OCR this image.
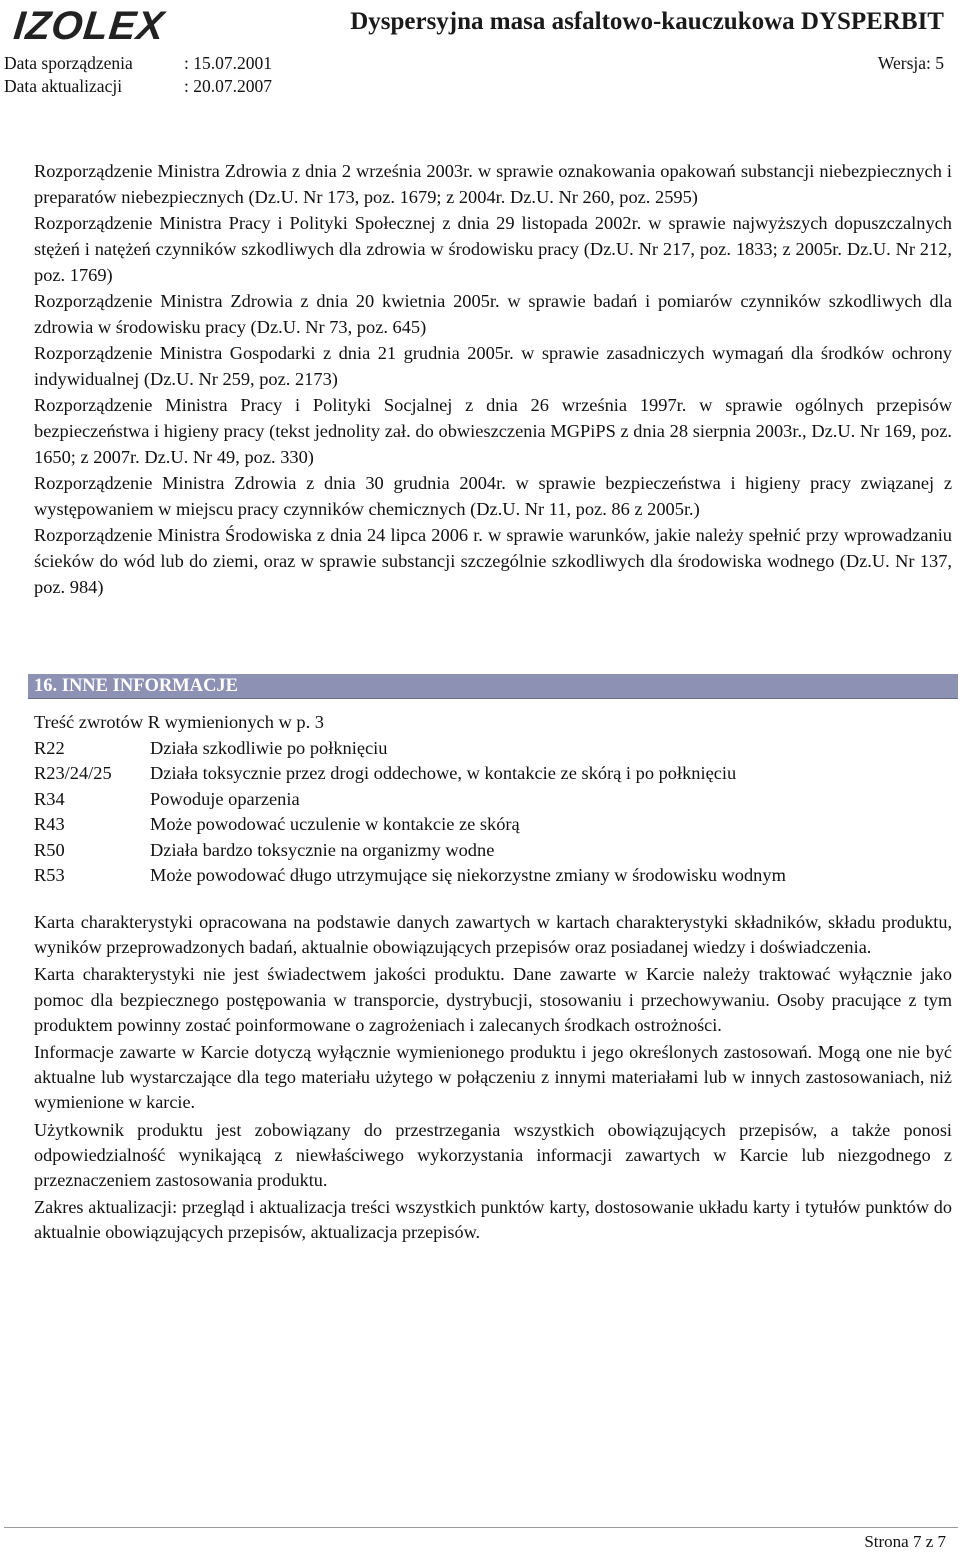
IZOLEX	Dyspersyjna masa asfaltowo-kauczukowa DYSPERBIT
Data sporządzenia	: 15.07.2001	Wersja: 5
Data aktualizacji	: 20.07.2007

Rozporządzenie Ministra Zdrowia z dnia 2 września 2003r. w sprawie oznakowania opakowań substancji niebezpiecznych i preparatów niebezpiecznych (Dz.U. Nr 173, poz. 1679; z 2004r. Dz.U. Nr 260, poz. 2595)

Rozporządzenie Ministra Pracy i Polityki Społecznej z dnia 29 listopada 2002r. w sprawie najwyższych dopuszczalnych stężeń i natężeń czynników szkodliwych dla zdrowia w środowisku pracy (Dz.U. Nr 217, poz. 1833; z 2005r. Dz.U. Nr 212, poz. 1769)

Rozporządzenie Ministra Zdrowia z dnia 20 kwietnia 2005r. w sprawie badań i pomiarów czynników szkodliwych dla zdrowia w środowisku pracy (Dz.U. Nr 73, poz. 645)

Rozporządzenie Ministra Gospodarki z dnia 21 grudnia 2005r. w sprawie zasadniczych wymagań dla środków ochrony indywidualnej (Dz.U. Nr 259, poz. 2173)

Rozporządzenie Ministra Pracy i Polityki Socjalnej z dnia 26 września 1997r. w sprawie ogólnych przepisów bezpieczeństwa i higieny pracy (tekst jednolity zał. do obwieszczenia MGPiPS z dnia 28 sierpnia 2003r., Dz.U. Nr 169, poz. 1650; z 2007r. Dz.U. Nr 49, poz. 330)

Rozporządzenie Ministra Zdrowia z dnia 30 grudnia 2004r. w sprawie bezpieczeństwa i higieny pracy związanej z występowaniem w miejscu pracy czynników chemicznych (Dz.U. Nr 11, poz. 86 z 2005r.)

Rozporządzenie Ministra Środowiska z dnia 24 lipca 2006 r. w sprawie warunków, jakie należy spełnić przy wprowadzaniu ścieków do wód lub do ziemi, oraz w sprawie substancji szczególnie szkodliwych dla środowiska wodnego (Dz.U. Nr 137, poz. 984)

16. INNE INFORMACJE
Treść zwrotów R wymienionych w p. 3
R22	Działa szkodliwie po połknięciu
R23/24/25 Działa toksycznie przez drogi oddechowe, w kontakcie ze skórą i po połknięciu
R34	Powoduje oparzenia
R43	Może powodować uczulenie w kontakcie ze skórą
R50	Działa bardzo toksycznie na organizmy wodne
R53	Może powodować długo utrzymujące się niekorzystne zmiany w środowisku wodnym

Karta charakterystyki opracowana na podstawie danych zawartych w kartach charakterystyki składników, składu produktu, wyników przeprowadzonych badań, aktualnie obowiązujących przepisów oraz posiadanej wiedzy i doświadczenia.

Karta charakterystyki nie jest świadectwem jakości produktu. Dane zawarte w Karcie należy traktować wyłącznie jako pomoc dla bezpiecznego postępowania w transporcie, dystrybucji, stosowaniu i przechowywaniu. Osoby pracujące z tym produktem powinny zostać poinformowane o zagrożeniach i zalecanych środkach ostrożności.

Informacje zawarte w Karcie dotyczą wyłącznie wymienionego produktu i jego określonych zastosowań. Mogą one nie być aktualne lub wystarczające dla tego materiału użytego w połączeniu z innymi materiałami lub w innych zastosowaniach, niż wymienione w karcie.

Użytkownik produktu jest zobowiązany do przestrzegania wszystkich obowiązujących przepisów, a także ponosi odpowiedzialność wynikającą z niewłaściwego wykorzystania informacji zawartych w Karcie lub niezgodnego z przeznaczeniem zastosowania produktu.

Zakres aktualizacji: przegląd i aktualizacja treści wszystkich punktów karty, dostosowanie układu karty i tytułów punktów do aktualnie obowiązujących przepisów, aktualizacja przepisów.

Strona 7 z 7
